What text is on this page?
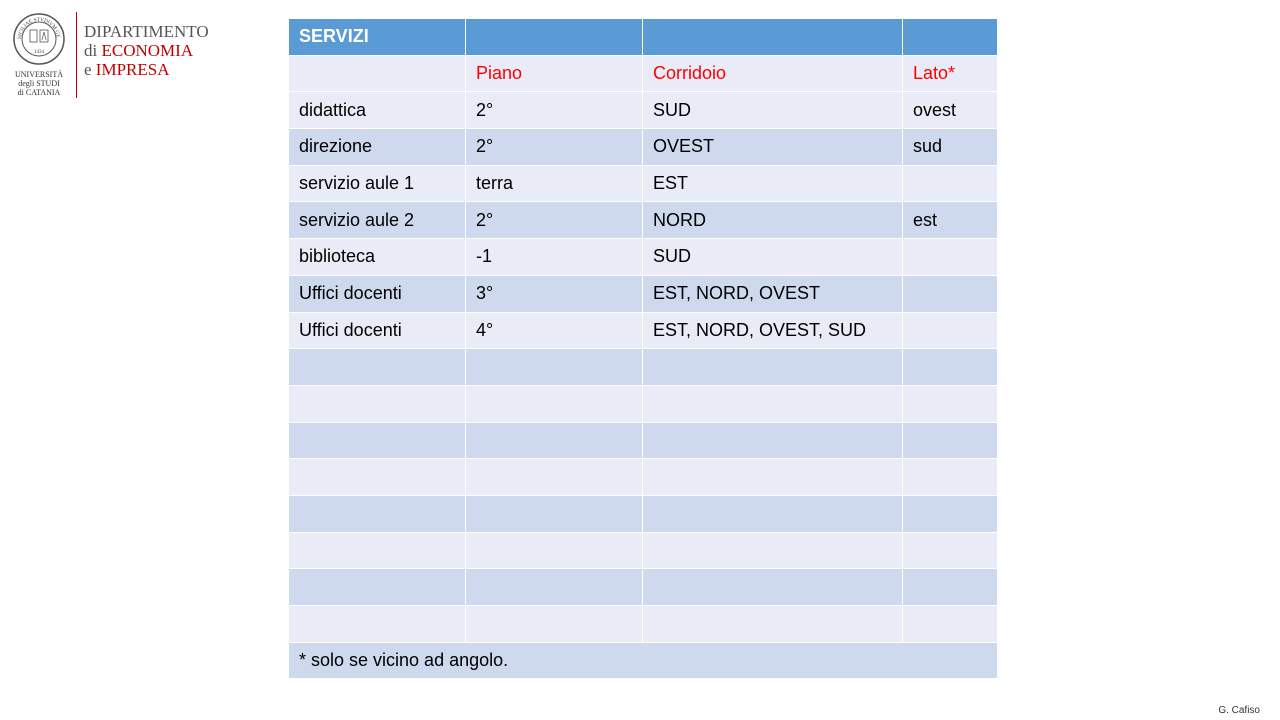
SICILIAE STVDIVM GE
1434
UNIVERSITÀ
degli STUDI
di CATANIA
DIPARTIMENTO
di ECONOMIA
e IMPRESA
SERVIZI			
	Piano	Corridoio	Lato*
didattica	2°	SUD	ovest
direzione	2°	OVEST	sud
servizio aule 1	terra	EST	
servizio aule 2	2°	NORD	est
biblioteca	-1	SUD	
Uffici docenti	3°	EST, NORD, OVEST	
Uffici docenti	4°	EST, NORD, OVEST, SUD	

* solo se vicino ad angolo.			
G. Cafiso
